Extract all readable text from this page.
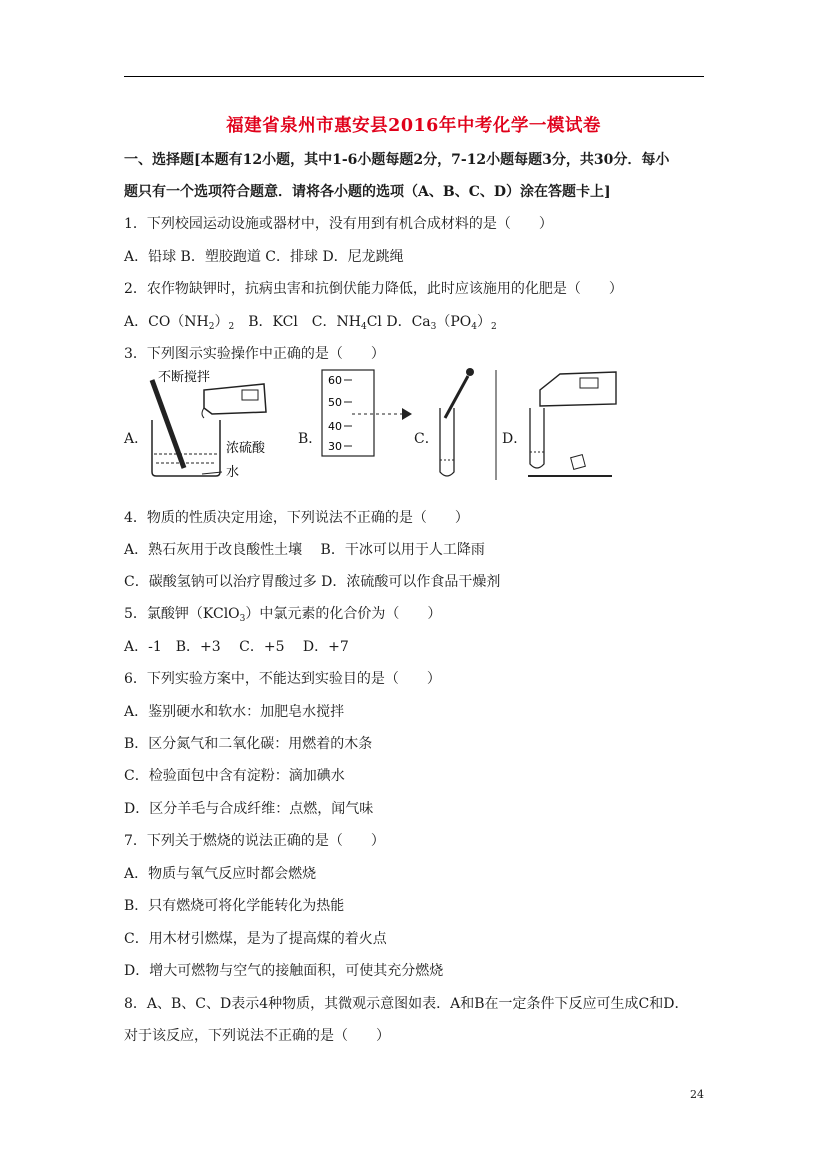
福建省泉州市惠安县2016年中考化学一模试卷
一、选择题[本题有12小题，其中1-6小题每题2分，7-12小题每题3分，共30分．每小
题只有一个选项符合题意．请将各小题的选项（A、B、C、D）涂在答题卡上]
1．下列校园运动设施或器材中，没有用到有机合成材料的是（　　）
A．铅球 B．塑胶跑道 C．排球 D．尼龙跳绳
2．农作物缺钾时，抗病虫害和抗倒伏能力降低，此时应该施用的化肥是（　　）
A．$CO(NH_2)_2$　B．KCl　C．$NH_4Cl$ D．$Ca_3(PO_4)_2$
3．下列图示实验操作中正确的是（　　）
A．
不断搅拌
浓硫酸
水
B．
60
50
40
30	C．	D．
4．物质的性质决定用途，下列说法不正确的是（　　）
A．熟石灰用于改良酸性土壤　 B．干冰可以用于人工降雨
C．碳酸氢钠可以治疗胃酸过多 D．浓硫酸可以作食品干燥剂
5．氯酸钾（KClO$_3$）中氯元素的化合价为（　　）
A．-1　B．+3　 C．+5　 D．+7
6．下列实验方案中，不能达到实验目的是（　　）
A．鉴别硬水和软水：加肥皂水搅拌
B．区分氮气和二氧化碳：用燃着的木条
C．检验面包中含有淀粉：滴加碘水
D．区分羊毛与合成纤维：点燃，闻气味
7．下列关于燃烧的说法正确的是（　　）
A．物质与氧气反应时都会燃烧
B．只有燃烧可将化学能转化为热能
C．用木材引燃煤，是为了提高煤的着火点
D．增大可燃物与空气的接触面积，可使其充分燃烧
8．A、B、C、D表示4种物质，其微观示意图如表．A和B在一定条件下反应可生成C和D．
对于该反应，下列说法不正确的是（　　）
24
